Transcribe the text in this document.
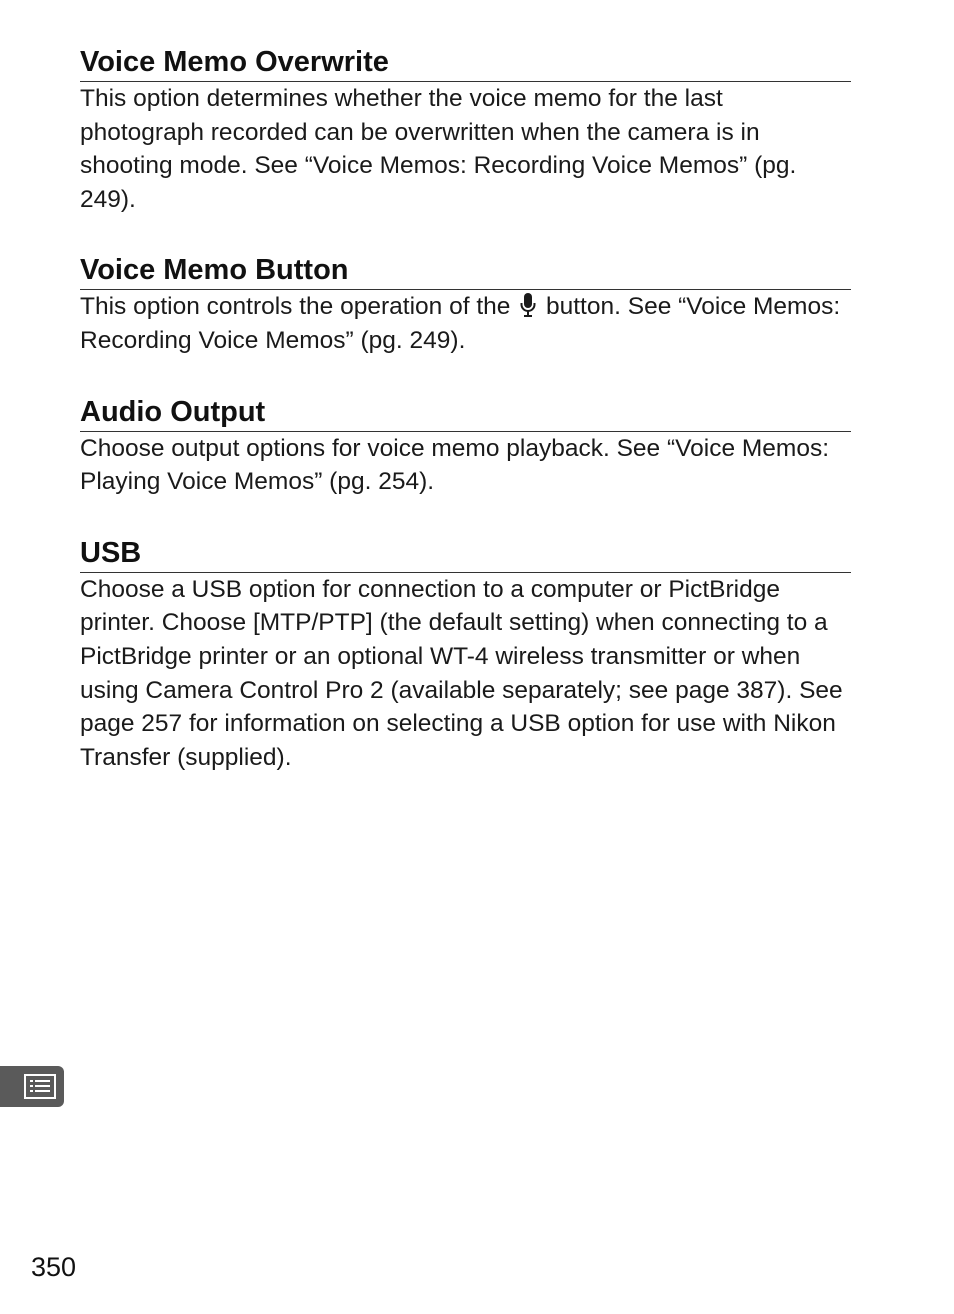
Voice Memo Overwrite

This option determines whether the voice memo for the last photograph recorded can be overwritten when the camera is in shooting mode. See “Voice Memos: Recording Voice Memos” (pg. 249).

Voice Memo Button

This option controls the operation of the  button. See “Voice Memos: Recording Voice Memos” (pg. 249).

Audio Output

Choose output options for voice memo playback. See “Voice Memos: Playing Voice Memos” (pg. 254).

USB

Choose a USB option for connection to a computer or PictBridge printer. Choose [MTP/PTP] (the default setting) when connecting to a PictBridge printer or an optional WT-4 wireless transmitter or when using Camera Control Pro 2 (available separately; see page 387). See page 257 for information on selecting a USB option for use with Nikon Transfer (supplied).

350
